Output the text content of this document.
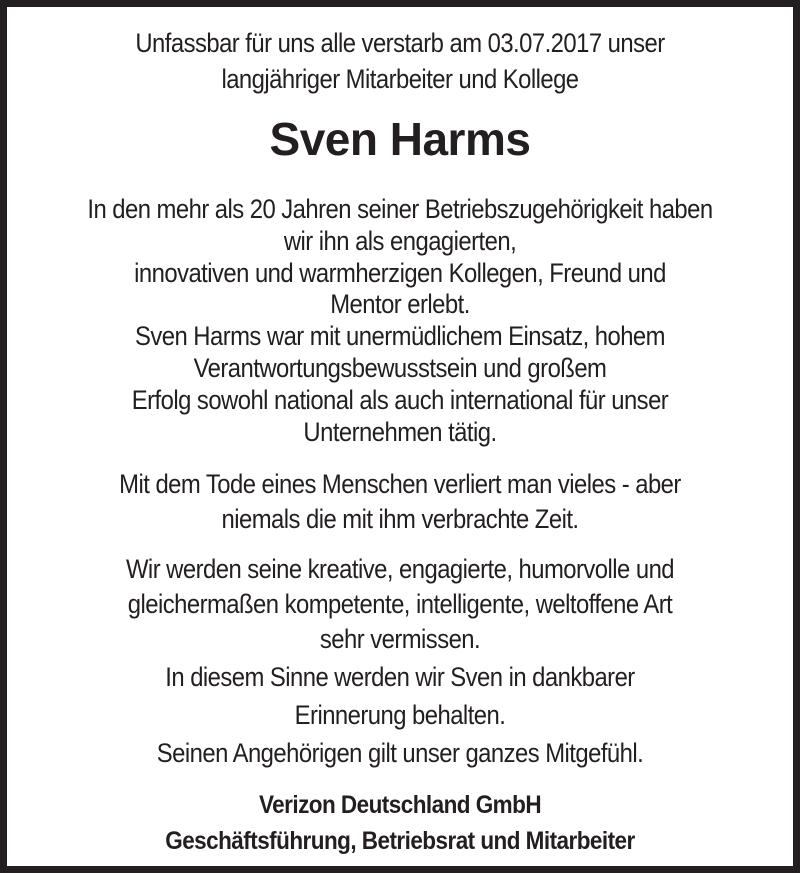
Unfassbar für uns alle verstarb am 03.07.2017 unser
langjähriger Mitarbeiter und Kollege
Sven Harms
In den mehr als 20 Jahren seiner Betriebszugehörigkeit haben
wir ihn als engagierten,
innovativen und warmherzigen Kollegen, Freund und
Mentor erlebt.
Sven Harms war mit unermüdlichem Einsatz, hohem
Verantwortungsbewusstsein und großem
Erfolg sowohl national als auch international für unser
Unternehmen tätig.
Mit dem Tode eines Menschen verliert man vieles - aber
niemals die mit ihm verbrachte Zeit.
Wir werden seine kreative, engagierte, humorvolle und
gleichermaßen kompetente, intelligente, weltoffene Art
sehr vermissen.
In diesem Sinne werden wir Sven in dankbarer
Erinnerung behalten.
Seinen Angehörigen gilt unser ganzes Mitgefühl.
Verizon Deutschland GmbH
Geschäftsführung, Betriebsrat und Mitarbeiter
